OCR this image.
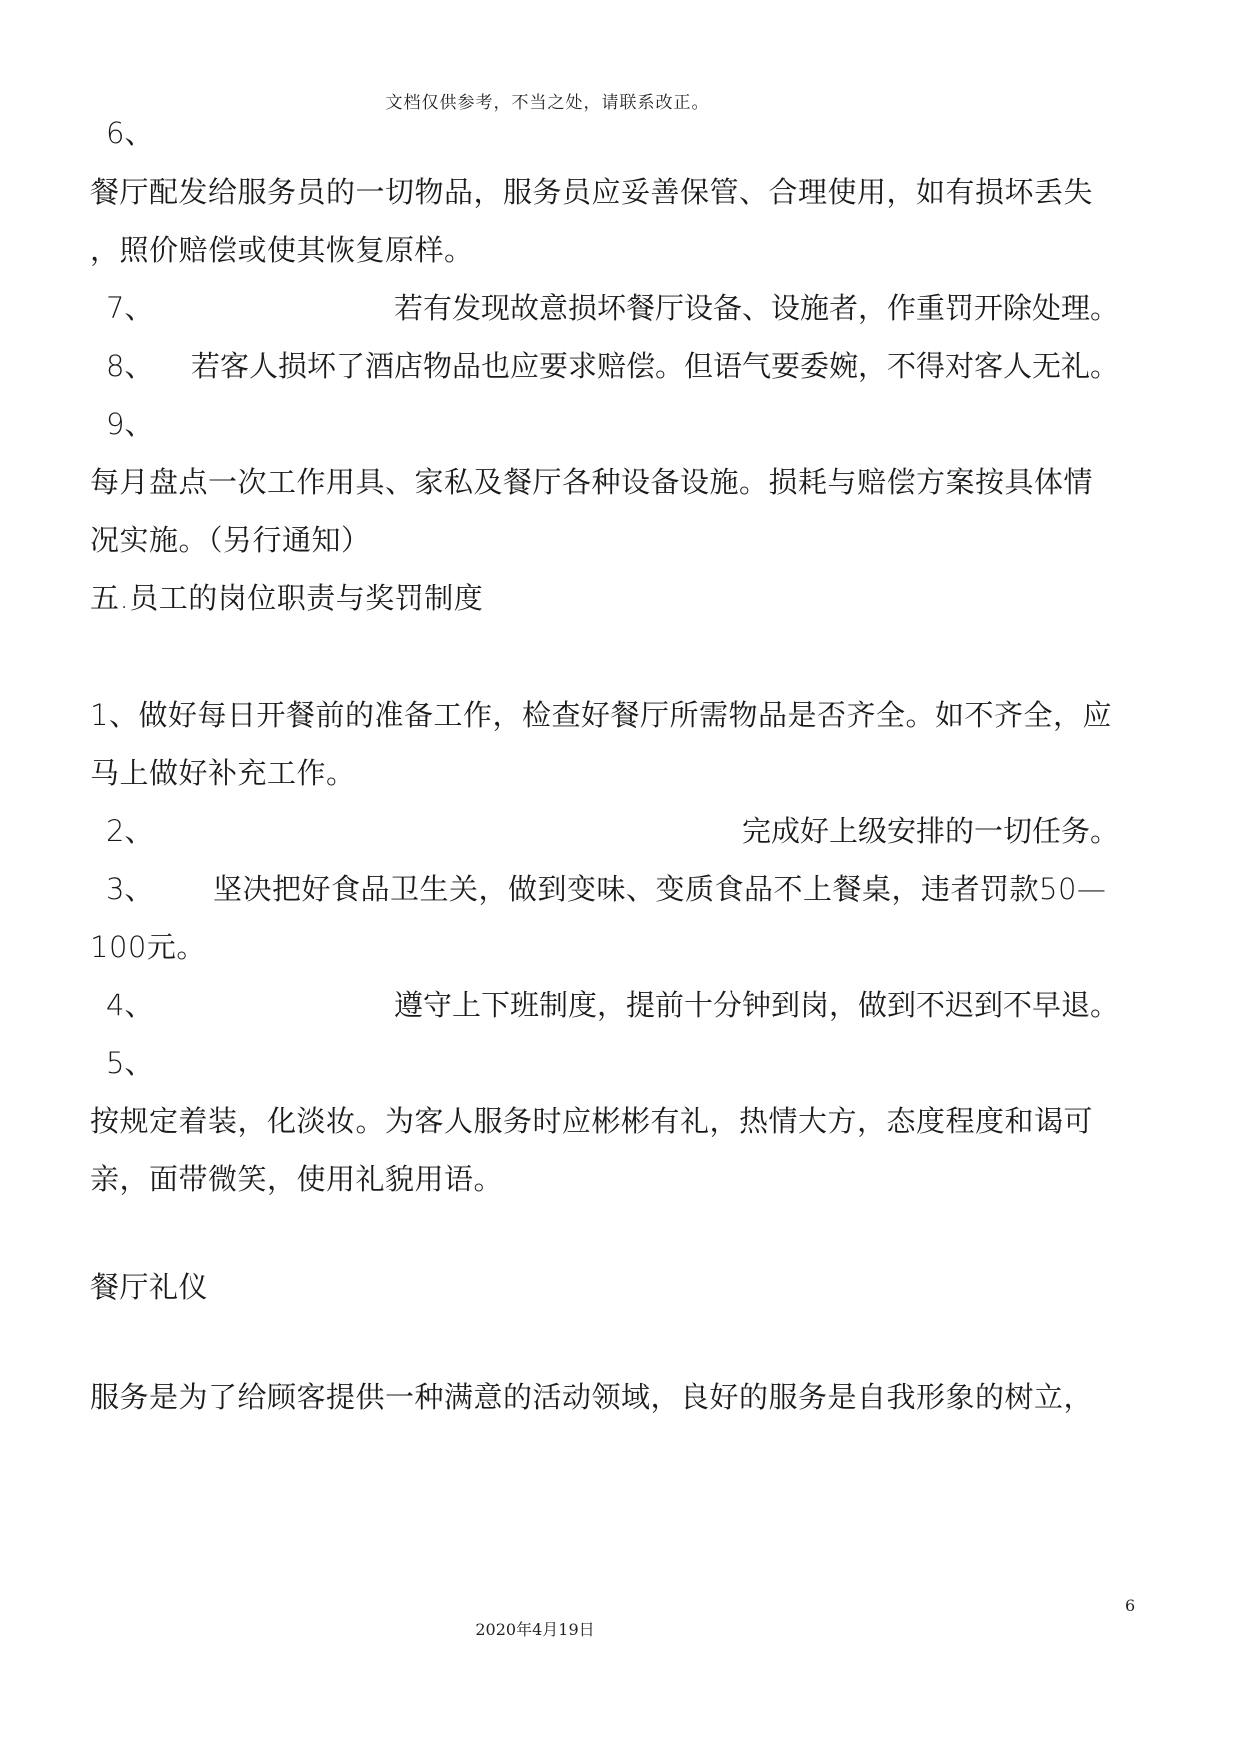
文档仅供参考，不当之处，请联系改正。
6、
餐厅配发给服务员的一切物品，服务员应妥善保管、合理使用，如有损坏丢失
，照价赔偿或使其恢复原样。
7、	若有发现故意损坏餐厅设备、设施者，作重罚开除处理。
8、 若客人损坏了酒店物品也应要求赔偿。但语气要委婉，不得对客人无礼。
9、
每月盘点一次工作用具、家私及餐厅各种设备设施。损耗与赔偿方案按具体情
况实施。（另行通知）
五.员工的岗位职责与奖罚制度
1、做好每日开餐前的准备工作，检查好餐厅所需物品是否齐全。如不齐全，应
马上做好补充工作。
2、	完成好上级安排的一切任务。
3、 坚决把好食品卫生关，做到变味、变质食品不上餐桌，违者罚款50—
100元。
4、	遵守上下班制度，提前十分钟到岗，做到不迟到不早退。
5、
按规定着装，化淡妆。为客人服务时应彬彬有礼，热情大方，态度程度和谒可
亲，面带微笑，使用礼貌用语。
餐厅礼仪
服务是为了给顾客提供一种满意的活动领域，良好的服务是自我形象的树立，
6
2020年4月19日
